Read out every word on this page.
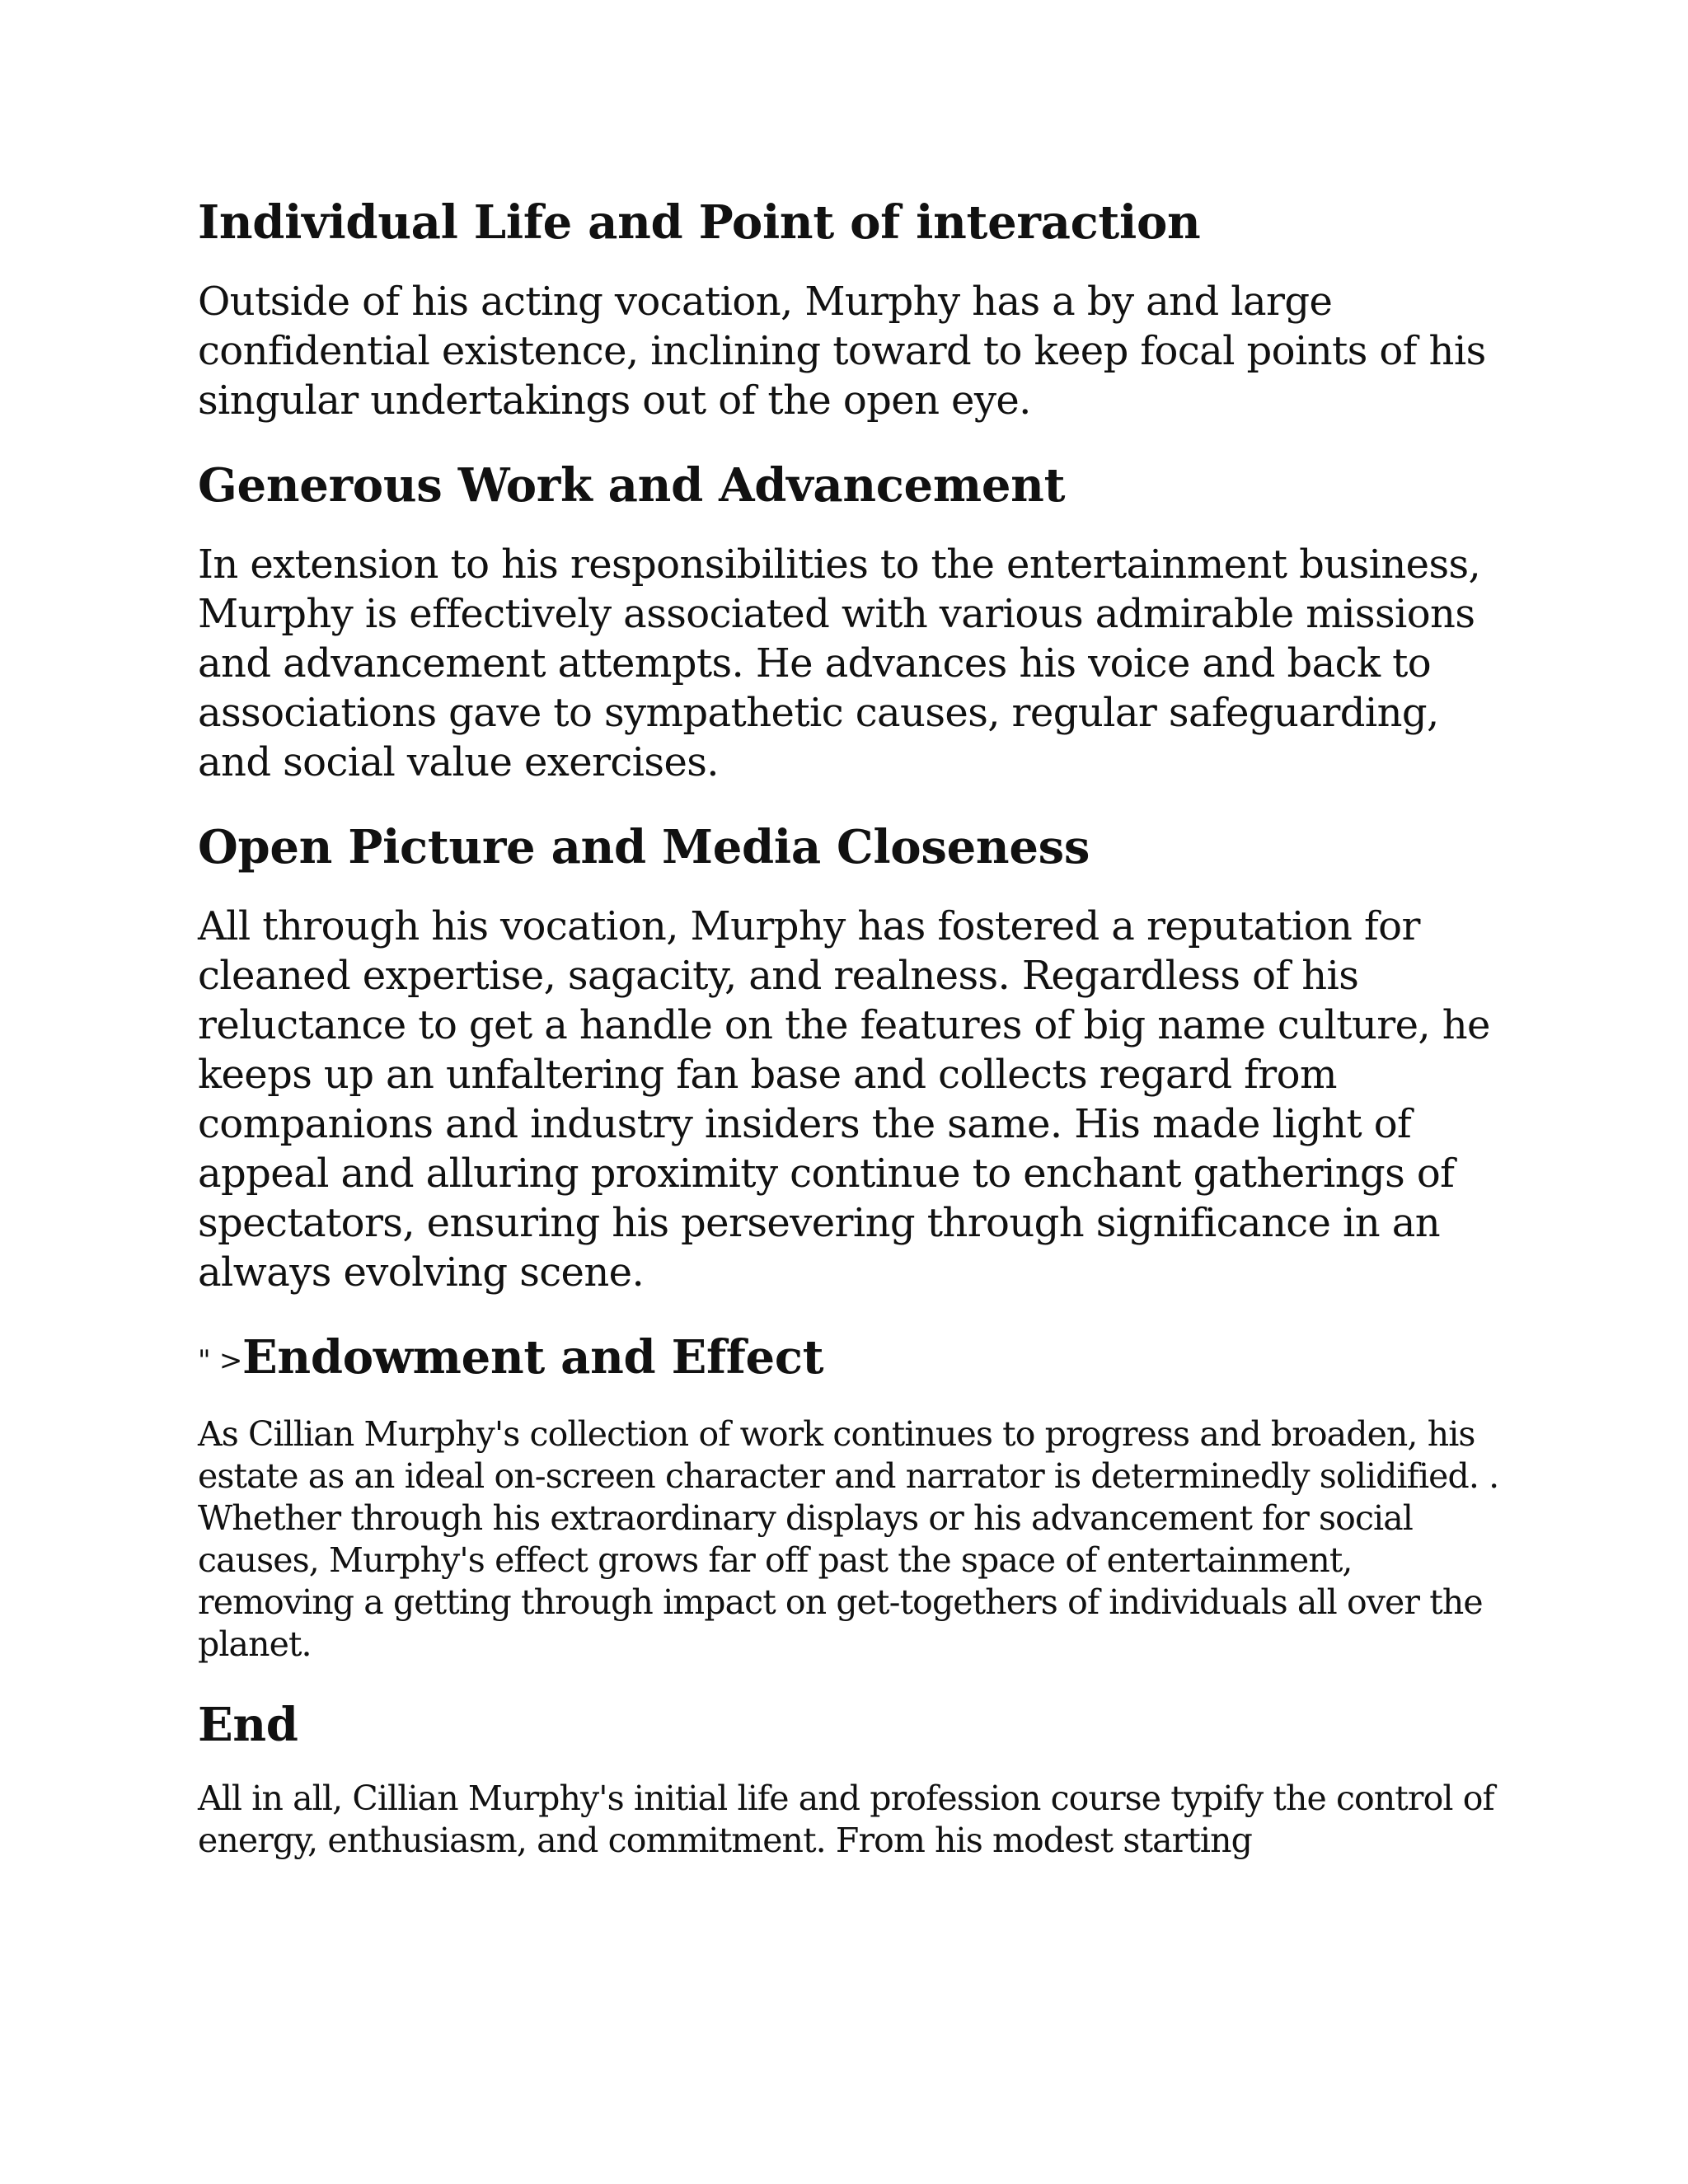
Individual Life and Point of interaction

Outside of his acting vocation, Murphy has a by and large confidential existence, inclining toward to keep focal points of his singular undertakings out of the open eye.

Generous Work and Advancement

In extension to his responsibilities to the entertainment business, Murphy is effectively associated with various admirable missions and advancement attempts. He advances his voice and back to associations gave to sympathetic causes, regular safeguarding, and social value exercises.

Open Picture and Media Closeness

All through his vocation, Murphy has fostered a reputation for cleaned expertise, sagacity, and realness. Regardless of his reluctance to get a handle on the features of big name culture, he keeps up an unfaltering fan base and collects regard from companions and industry insiders the same. His made light of appeal and alluring proximity continue to enchant gatherings of spectators, ensuring his persevering through significance in an always evolving scene.

" >Endowment and Effect

As Cillian Murphy's collection of work continues to progress and broaden, his estate as an ideal on-screen character and narrator is determinedly solidified. . Whether through his extraordinary displays or his advancement for social causes, Murphy's effect grows far off past the space of entertainment, removing a getting through impact on get-togethers of individuals all over the planet.

End

All in all, Cillian Murphy's initial life and profession course typify the control of energy, enthusiasm, and commitment. From his modest starting
